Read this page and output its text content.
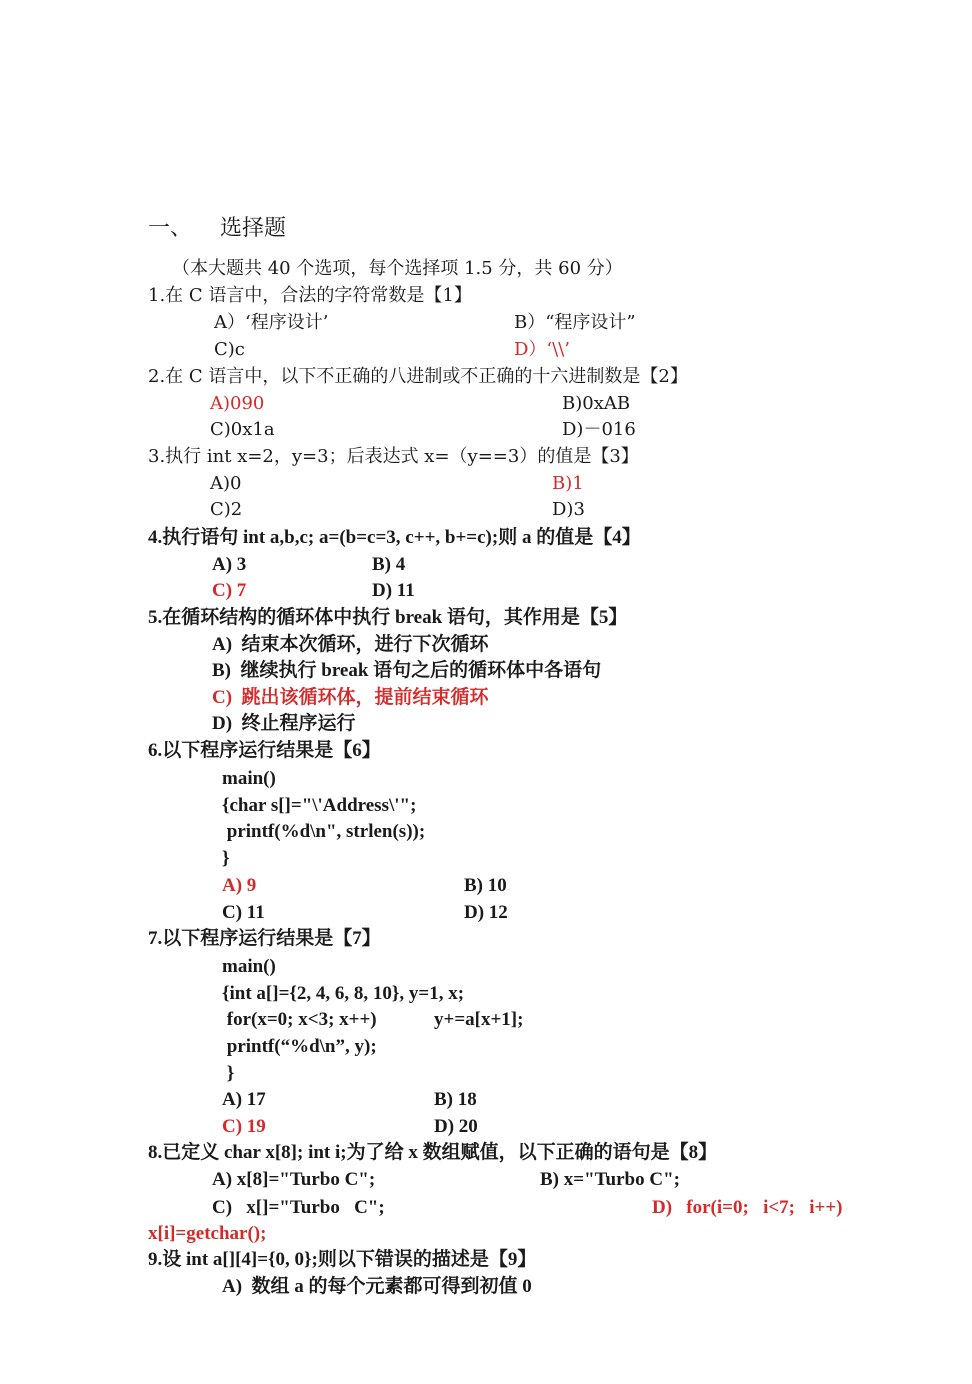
一、 选择题
（本大题共 40 个选项，每个选择项 1.5 分，共 60 分）
1.在 C 语言中，合法的字符常数是【1】
A）‘程序设计’	B）“程序设计”
C)c	D）‘\\’
2.在 C 语言中，以下不正确的八进制或不正确的十六进制数是【2】
A)090	B)0xAB
C)0x1a	D)－016
3.执行 int x=2，y=3；后表达式 x=（y==3）的值是【3】
A)0	B)1
C)2	D)3
4.执行语句 int a,b,c; a=(b=c=3, c++, b+=c);则 a 的值是【4】
A) 3	B) 4
C) 7	D) 11
5.在循环结构的循环体中执行 break 语句，其作用是【5】
A)  结束本次循环，进行下次循环
B)  继续执行 break 语句之后的循环体中各语句
C)  跳出该循环体，提前结束循环
D)  终止程序运行
6.以下程序运行结果是【6】
main()
{char s[]="\'Address\'";
printf(%d\n", strlen(s));
}
A) 9	B) 10
C) 11	D) 12
7.以下程序运行结果是【7】
main()
{int a[]={2, 4, 6, 8, 10}, y=1, x;
for(x=0; x<3; x++)	y+=a[x+1];
printf(“%d\n”, y);
}
A) 17	B) 18
C) 19	D) 20
8.已定义 char x[8]; int i;为了给 x 数组赋值，以下正确的语句是【8】
A) x[8]="Turbo C";	B) x="Turbo C";
C)   x[]="Turbo   C";	D)   for(i=0;   i<7;   i++)
x[i]=getchar();
9.设 int a[][4]={0, 0};则以下错误的描述是【9】
A)  数组 a 的每个元素都可得到初值 0
